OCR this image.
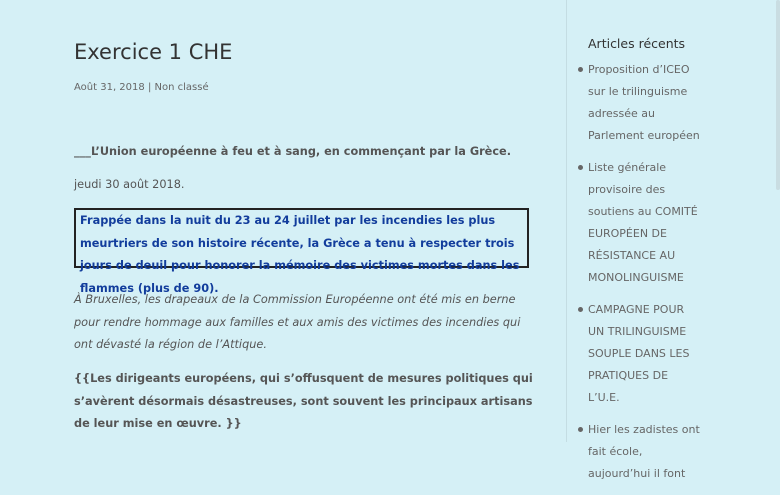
Exercice 1 CHE
Août 31, 2018 | Non classé
___L’Union européenne à feu et à sang, en commençant par la Grèce.
jeudi 30 août 2018.
Frappée dans la nuit du 23 au 24 juillet par les incendies les plus meurtriers de son histoire récente, la Grèce a tenu à respecter trois jours de deuil pour honorer la mémoire des victimes mortes dans les flammes (plus de 90).
À Bruxelles, les drapeaux de la Commission Européenne ont été mis en berne pour rendre hommage aux familles et aux amis des victimes des incendies qui ont dévasté la région de l’Attique.
{{Les dirigeants européens, qui s’offusquent de mesures politiques qui s’avèrent désormais désastreuses, sont souvent les principaux artisans de leur mise en œuvre. }}
Articles récents
Proposition d’ICEO sur le trilinguisme adressée au Parlement européen
Liste générale provisoire des soutiens au COMITÉ EUROPÉEN DE RÉSISTANCE AU MONOLINGUISME
CAMPAGNE POUR UN TRILINGUISME SOUPLE DANS LES PRATIQUES DE L’U.E.
Hier les zadistes ont fait école, aujourd’hui il font
